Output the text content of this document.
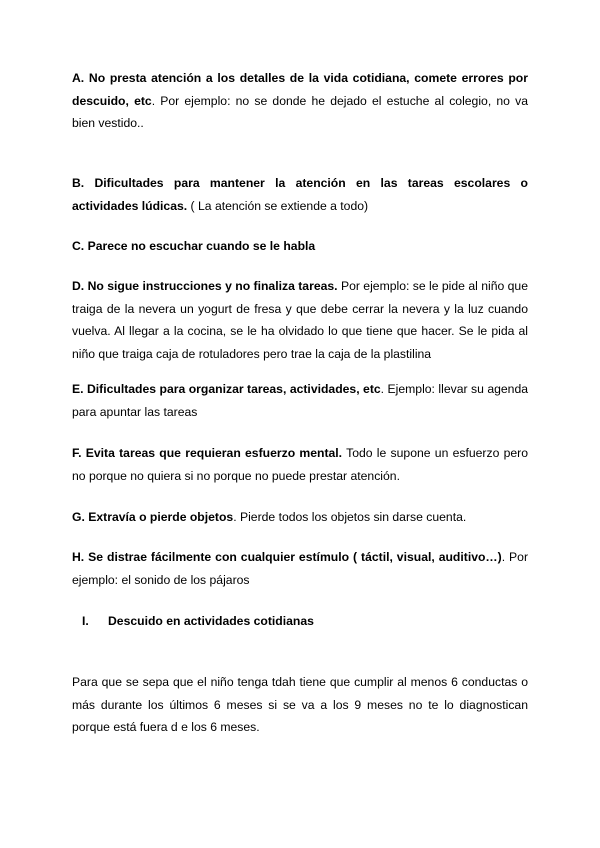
A. No presta atención a los detalles de la vida cotidiana, comete errores por descuido, etc. Por ejemplo: no se donde he dejado el estuche al colegio, no va bien vestido..

B. Dificultades para mantener la atención en las tareas escolares o actividades lúdicas. ( La atención se extiende a todo)

C. Parece no escuchar cuando se le habla

D. No sigue instrucciones y no finaliza tareas. Por ejemplo: se le pide al niño que traiga de la nevera un yogurt de fresa y que debe cerrar la nevera y la luz cuando vuelva. Al llegar a la cocina, se le ha olvidado lo que tiene que hacer. Se le pida al niño que traiga caja de rotuladores pero trae la caja de la plastilina

E. Dificultades para organizar tareas, actividades, etc. Ejemplo: llevar su agenda para apuntar las tareas

F. Evita tareas que requieran esfuerzo mental. Todo le supone un esfuerzo pero no porque no quiera si no porque no puede prestar atención.

G. Extravía o pierde objetos. Pierde todos los objetos sin darse cuenta.

H. Se distrae fácilmente con cualquier estímulo ( táctil, visual, auditivo…). Por ejemplo: el sonido de los pájaros

I. Descuido en actividades cotidianas

Para que se sepa que el niño tenga tdah tiene que cumplir al menos 6 conductas o más durante los últimos 6 meses si se va a los 9 meses no te lo diagnostican porque está fuera d e los 6 meses.
